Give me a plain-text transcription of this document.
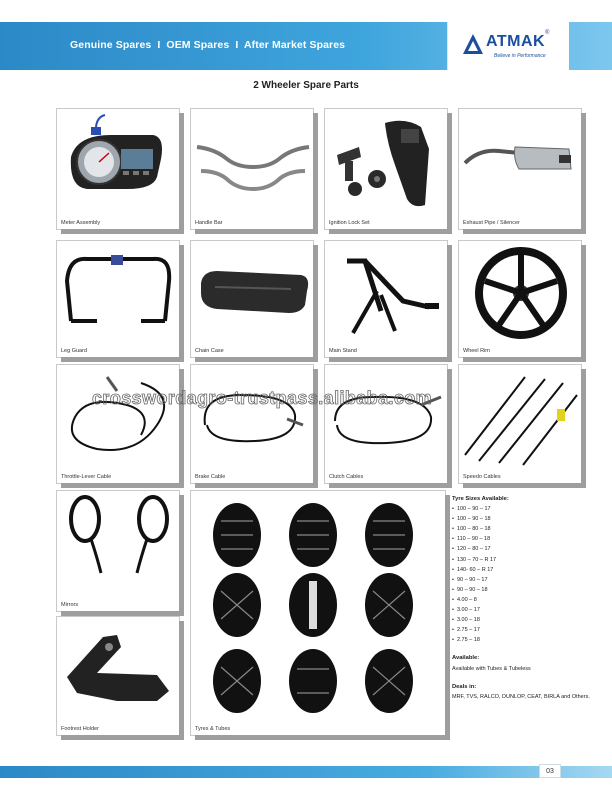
Genuine Spares  I  OEM Spares  I  After Market Spares	ATMAK ®
Believe in Performance
2 Wheeler Spare Parts
Meter Assembly	Handle Bar	Ignition Lock Set	Exhaust Pipe / Silencer
Leg Guard	Chain Case	Main Stand	Wheel Rim
Throttle-Lever Cable	Brake Cable	Clutch Cables	Speedo Cables
Mirrors
Footrest Holder	Tyres & Tubes
crosswordagro-trustpass.alibaba.com
Tyre Sizes Available:
• 100 – 90 – 17
• 100 – 90 – 18
• 100 – 80 – 18
• 110 – 90 – 18
• 120 – 80 – 17
• 130 – 70 – R 17
• 140- 60 – R 17
• 90 – 90 – 17
• 90 – 90 – 18
• 4.00 – 8
• 3.00 – 17
• 3.00 – 18
• 2.75 – 17
• 2.75 – 18
Available:
Available with Tubes & Tubeless
Deals in:
MRF, TVS, RALCO, DUNLOP, CEAT, BIRLA and Others.
03
